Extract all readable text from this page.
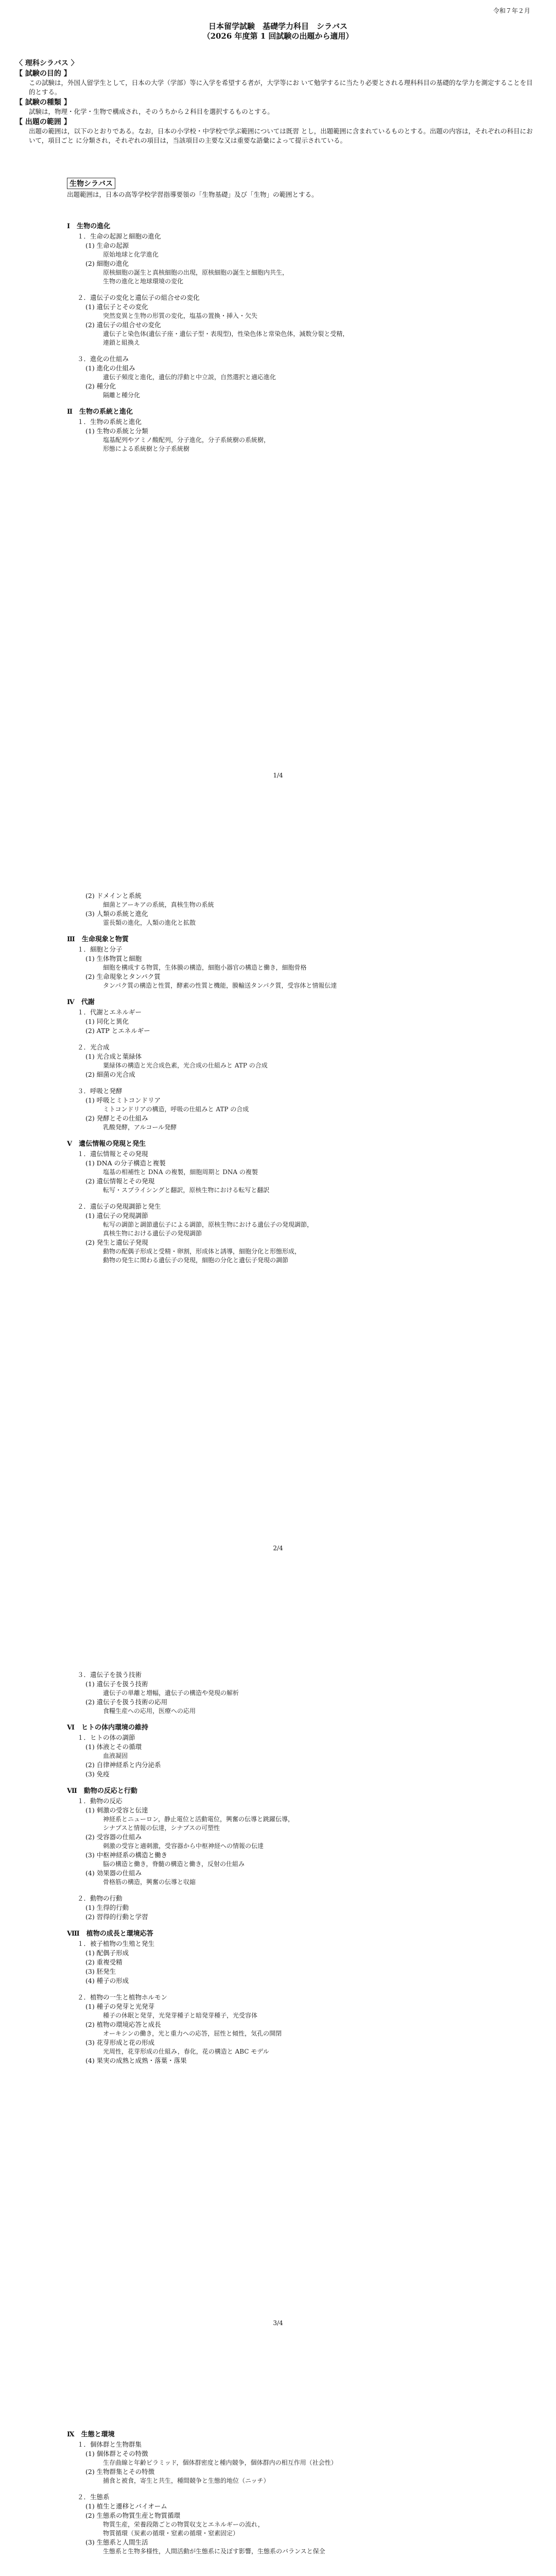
令和７年２月
日本留学試験　基礎学力科目　シラバス
（2026 年度第 1 回試験の出題から適用）
〈 理科シラバス 〉
【 試験の目的 】
この試験は，外国人留学生として，日本の大学（学部）等に入学を希望する者が，大学等にお いて勉学するに当たり必要とされる理科科目の基礎的な学力を測定することを目的とする。
【 試験の種類 】
試験は，物理・化学・生物で構成され，そのうちから２科目を選択するものとする。
【 出題の範囲 】
出題の範囲は，以下のとおりである。なお，日本の小学校・中学校で学ぶ範囲については既習 とし，出題範囲に含まれているものとする。出題の内容は，それぞれの科目において，項目ごと に分類され，それぞれの項目は，当該項目の主要な又は重要な語彙によって提示されている。
生物シラバス
出題範囲は，日本の高等学校学習指導要領の「生物基礎」及び「生物」の範囲とする。
Ⅰ　生物の進化
１．生命の起源と細胞の進化
(1) 生命の起源
原始地球と化学進化
(2) 細胞の進化
原核細胞の誕生と真核細胞の出現，原核細胞の誕生と細胞内共生，
生物の進化と地球環境の変化
２．遺伝子の変化と遺伝子の組合せの変化
(1) 遺伝子とその変化
突然変異と生物の形質の変化，塩基の置換・挿入・欠失
(2) 遺伝子の組合せの変化
遺伝子と染色体(遺伝子座・遺伝子型・表現型)，性染色体と常染色体，減数分裂と受精，
連鎖と組換え
３．進化の仕組み
(1) 進化の仕組み
遺伝子頻度と進化，遺伝的浮動と中立説，自然選択と適応進化
(2) 種分化
隔離と種分化
Ⅱ　生物の系統と進化
１．生物の系統と進化
(1) 生物の系統と分類
塩基配列やアミノ酸配列，分子進化，分子系統樹の系統樹，
形態による系統樹と分子系統樹
1/4
(2) ドメインと系統
細菌とアーキアの系統，真核生物の系統
(3) 人類の系統と進化
霊長類の進化，人類の進化と拡散
Ⅲ　生命現象と物質
１．細胞と分子
(1) 生体物質と細胞
細胞を構成する物質，生体膜の構造，細胞小器官の構造と働き，細胞骨格
(2) 生命現象とタンパク質
タンパク質の構造と性質，酵素の性質と機能，膜輸送タンパク質，受容体と情報伝達
Ⅳ　代謝
１．代謝とエネルギー
(1) 同化と異化
(2) ATP とエネルギー
２．光合成
(1) 光合成と葉緑体
葉緑体の構造と光合成色素，光合成の仕組みと ATP の合成
(2) 細菌の光合成
３．呼吸と発酵
(1) 呼吸とミトコンドリア
ミトコンドリアの構造，呼吸の仕組みと ATP の合成
(2) 発酵とその仕組み
乳酸発酵，アルコール発酵
Ⅴ　遺伝情報の発現と発生
１．遺伝情報とその発現
(1) DNA の分子構造と複製
塩基の相補性と DNA の複製，細胞周期と DNA の複製
(2) 遺伝情報とその発現
転写・スプライシングと翻訳，原核生物における転写と翻訳
２．遺伝子の発現調節と発生
(1) 遺伝子の発現調節
転写の調節と調節遺伝子による調節，原核生物における遺伝子の発現調節，
真核生物における遺伝子の発現調節
(2) 発生と遺伝子発現
動物の配偶子形成と受精・卵割，形成体と誘導，細胞分化と形態形成，
動物の発生に関わる遺伝子の発現，細胞の分化と遺伝子発現の調節
2/4
３．遺伝子を扱う技術
(1) 遺伝子を扱う技術
遺伝子の単離と増幅，遺伝子の構造や発現の解析
(2) 遺伝子を扱う技術の応用
食糧生産への応用，医療への応用
Ⅵ　ヒトの体内環境の維持
１．ヒトの体の調節
(1) 体液とその循環
血液凝固
(2) 自律神経系と内分泌系
(3) 免疫
Ⅶ　動物の反応と行動
１．動物の反応
(1) 刺激の受容と伝達
神経系とニューロン，静止電位と活動電位，興奮の伝導と跳躍伝導，
シナプスと情報の伝達，シナプスの可塑性
(2) 受容器の仕組み
刺激の受容と適刺激，受容器から中枢神経への情報の伝達
(3) 中枢神経系の構造と働き
脳の構造と働き，脊髄の構造と働き，反射の仕組み
(4) 効果器の仕組み
骨格筋の構造，興奮の伝導と収縮
２．動物の行動
(1) 生得的行動
(2) 習得的行動と学習
Ⅷ　植物の成長と環境応答
１．被子植物の生殖と発生
(1) 配偶子形成
(2) 重複受精
(3) 胚発生
(4) 種子の形成
２．植物の一生と植物ホルモン
(1) 種子の発芽と光発芽
種子の休眠と発芽，光発芽種子と暗発芽種子，光受容体
(2) 植物の環境応答と成長
オーキシンの働き，光と重力への応答，屈性と傾性，気孔の開閉
(3) 花芽形成と花の形成
光周性，花芽形成の仕組み，春化，花の構造と ABC モデル
(4) 果実の成熟と成熟・落葉・落果
3/4
Ⅸ　生態と環境
１．個体群と生物群集
(1) 個体群とその特徴
生存曲線と年齢ピラミッド，個体群密度と種内競争，個体群内の相互作用（社会性）
(2) 生物群集とその特徴
捕食と被食，寄生と共生，種間競争と生態的地位（ニッチ）
２．生態系
(1) 植生と遷移とバイオーム
(2) 生態系の物質生産と物質循環
物質生産，栄養段階ごとの物質収支とエネルギーの流れ，
物質循環（炭素の循環・窒素の循環・窒素固定）
(3) 生態系と人間生活
生態系と生物多様性，人間活動が生態系に及ぼす影響，生態系のバランスと保全
